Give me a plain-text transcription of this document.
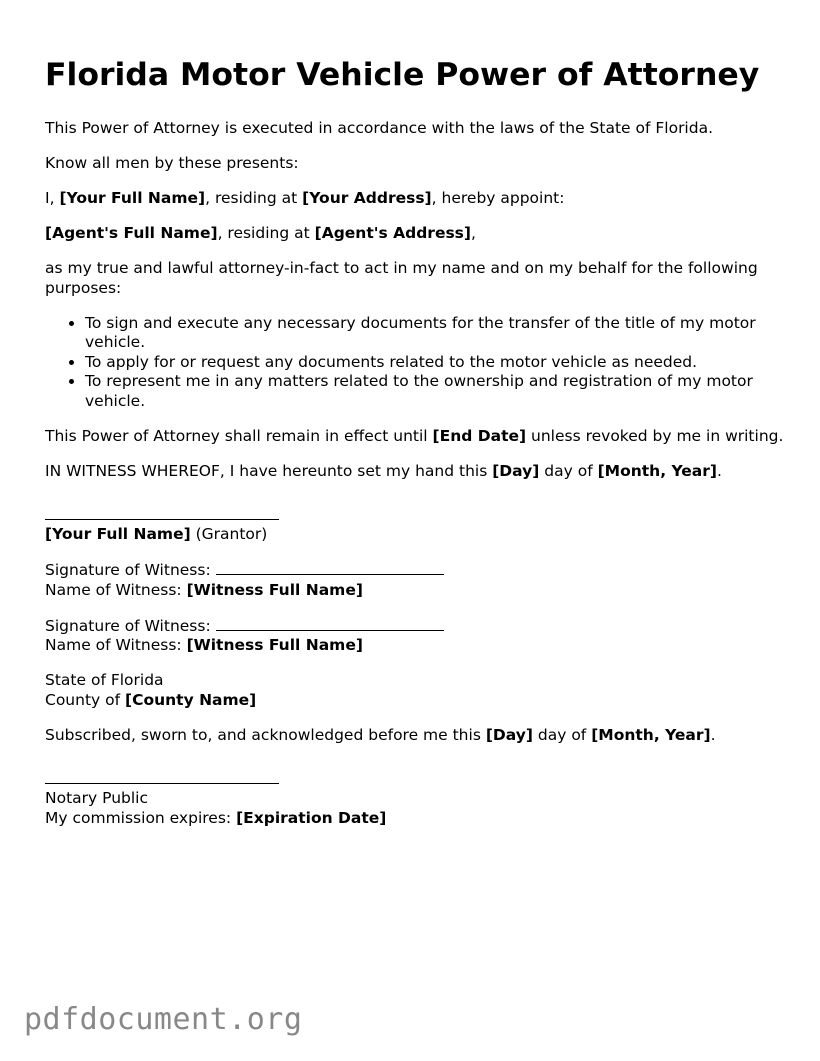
Florida Motor Vehicle Power of Attorney

This Power of Attorney is executed in accordance with the laws of the State of Florida.

Know all men by these presents:

I, [Your Full Name], residing at [Your Address], hereby appoint:

[Agent's Full Name], residing at [Agent's Address],

as my true and lawful attorney-in-fact to act in my name and on my behalf for the following purposes:

• To sign and execute any necessary documents for the transfer of the title of my motor vehicle.
• To apply for or request any documents related to the motor vehicle as needed.
• To represent me in any matters related to the ownership and registration of my motor vehicle.

This Power of Attorney shall remain in effect until [End Date] unless revoked by me in writing.

IN WITNESS WHEREOF, I have hereunto set my hand this [Day] day of [Month, Year].

[Your Full Name] (Grantor)

Signature of Witness:
Name of Witness: [Witness Full Name]

Signature of Witness:
Name of Witness: [Witness Full Name]

State of Florida
County of [County Name]

Subscribed, sworn to, and acknowledged before me this [Day] day of [Month, Year].

Notary Public
My commission expires: [Expiration Date]

pdfdocument.org
